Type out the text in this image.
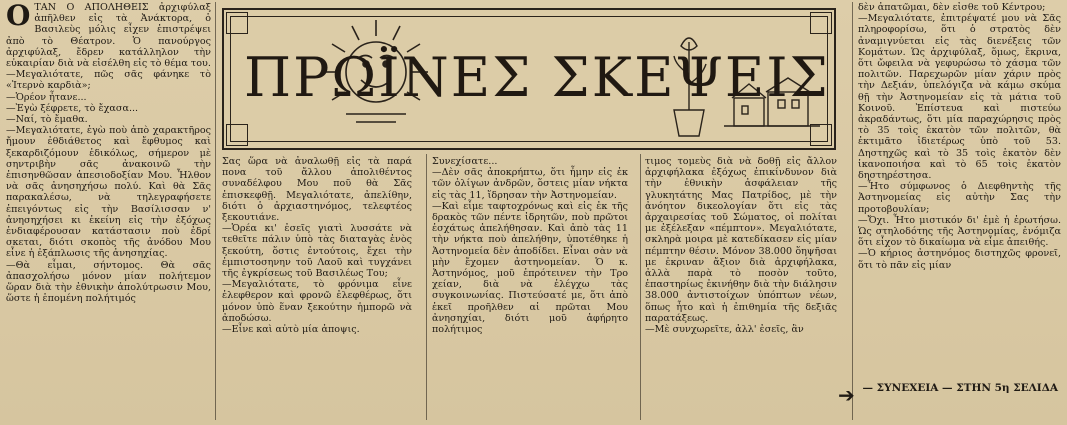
ΟΤΑΝ Ο ΑΠΟΛΗΘΕΙΣ ἀρχιφύλαξ ἀπῆλθεν εἰς τὰ Ἀνάκτορα, ὁ Βασιλεὺς μόλις εἶχεν ἐπιστρέψει ἀπὸ τὸ Θέατρον. Ὁ πανούργος ἀρχιφύλαξ, ἔδρεν κατάλληλον τὴν εὐκαιρίαν διὰ νὰ εἰσέλθη εἰς τὸ θέμα του.

—Μεγαλιότατε, πῶς σᾶς φάνηκε τὸ «Ἰτερνὸ καρδιὰ»;

—Ὁρέον ἦτανε...

—Ἐγὼ ξέφρετε, τὸ ἔχασα...

—Ναί, τὸ ἔμαθα.

—Μεγαλιότατε, ἐγὼ ποὺ ἀπὸ χαρακτῆρος ἤμουν ἐθδιάθετος καὶ ἔφθυμος καὶ ξεκαρδιζόμουν ἐδικόλως, σήμερον μὲ σηντριβὴν σᾶς ἀνακοινῶ τὴν ἐπισηνθῶσαν ἀπεσιοδοξίαν Μου. Ἦλθον νὰ σᾶς ἀνησηχήσω πολύ. Καὶ θὰ Σᾶς παρακαλέσω, νὰ τηλεγραφήσετε ἐπειγόντως εἰς τὴν Βασίλισσαν ν' ἀνησηχήσει κι ἐκείνη εἰς τὴν ἐξόχως ἐνδιαφέρουσαν κατάστασιν ποὺ ἐδρί σκεται, διότι σκοπὸς τῆς ἀνόδου Μου εἶνε ἡ ἐξάπλωσις τῆς ἀνησηχίας.

—Θὰ εἶμαι, σήντομος. Θὰ σᾶς ἀπασχολήσω μόνον μίαν πολήτεμον ὥραν διὰ τὴν ἐθνικὴν ἀπολύτρωσιν Μου, ὥστε ἡ ἑπομένη πολήτιμός

ΠΡΩΪΝΕΣ ΣΚΕΨΕΙΣ

Σας ὥρα νὰ ἀναλωθῇ εἰς τὰ παρά πονα τοῦ ἄλλου ἀπολιθέντος συναδέλφου Μου ποῦ θὰ Σᾶς ἐπισκεφθῇ. Μεγαλιότατε, ἀπελίθην, διότι ὁ ἀρχιαστηνόμος, τελεφτέος ξεκουτιάνε.

—Ὁρέα κι' ἐσεῖς γιατὶ λυσσάτε νὰ τεθεῖτε πάλιν ὑπὸ τὰς διαταγὰς ἑνὸς ξεκούτη, ὅστις ἐντούτοις, ἔχει τὴν ἐμπιστοσηνην τοῦ Λαοῦ καὶ τυγχάνει τῆς ἐγκρίσεως τοῦ Βασιλέως Του;

—Μεγαλιότατε, τὸ φρόνιμα εἶνε ἐλεφθερον καὶ φρονῶ ἐλεφθέρως, ὅτι μόνον ὑπὸ ἕναν ξεκούτην ἡμπορῶ νὰ ἀποδώσω.

—Εἶνε καὶ αὐτὸ μία ἀποψις.

Συνεχίσατε...

—Δὲν σᾶς ἀποκρήπτω, ὅτι ἦμην εἰς ἐκ τῶν ὀλίγων ἀνδρῶν, ὅστεις μίαν νήκτα εἰς τὰς 11, ἵδρησαν τὴν Ἀστηνομείαν.

—Καὶ εἶμε ταφτοχρόνως καὶ εἰς ἐκ τῆς δρακὸς τῶν πέντε ἱδρητῶν, ποὺ πρῶτοι ἐσχάτως ἀπελήθησαν. Καὶ ἀπὸ τὰς 11 τὴν νήκτα ποὺ ἀπελήθην, ὑποτέθηκε ἡ Ἀστηνομεία δὲν ἀποδίδει. Εἶναι σὰν νὰ μὴν ἔχομεν ἀστηνομείαν. Ὁ κ. Ἀστηνόμος, μοῦ ἐπρότεινεν τὴν Τρο χείαν, διὰ νὰ ἐλέγχω τὰς συγκοινωνίας. Πιστεύσατέ με, ὅτι ἀπὸ ἐκεῖ προῆλθεν αἱ πρῶται Μου ἀνησηχίαι, διότι μοῦ ἀφήρητο πολήτιμος

τιμος τομεὺς διὰ νὰ δοθῇ εἰς ἄλλον ἀρχιφήλακα ἐξόχως ἐπικίνδυνον διὰ τὴν ἐθνικὴν ἀσφάλειαν τῆς γλυκητάτης Μας Πατρίδος, μὲ τὴν ἀνόητον δικεολογίαν ὅτι εἰς τὰς ἀρχαιρεσίας τοῦ Σώματος, οἱ πολίται με ἐξέλεξαν «πέμπτον». Μεγαλιότατε, σκληρὰ μοιρα μὲ κατεδίκασεν εἰς μίαν πέμπτην θέσιν. Μόνον 38.000 ὅηψῆσαι με ἐκριναν ἄξιον διὰ ἀρχιφήλακα, ἀλλὰ παρὰ τὸ ποσὸν τοῦτο, ἐπαστηρίως ἐκινήθην διὰ τὴν διάλησιν 38.000 ἀντιστοίχων ὑπόπτων νέων, ὅπως ἦτο καὶ ἡ ἐπιθημία τῆς δεξιᾶς παρατάξεως.

—Μὲ συνχωρεῖτε, ἀλλ' ἐσεῖς, ἂν

δὲν ἀπατῶμαι, δὲν εἶσθε τοῦ Κέντρου;

—Μεγαλιότατε, ἐπιτρέψατέ μου νὰ Σᾶς πληροφορίσω, ὅτι ὁ στρατὸς δὲν ἀναμιγνύεται εἰς τὰς διενέξεις τῶν Κομάτων. Ὡς ἀρχιφύλαξ, ὅμως, ἔκρινα, ὅτι ὤφειλα νὰ γεφυρώσω τὸ χάσμα τῶν πολιτῶν. Παρεχωρῶν μίαν χάριν πρὸς τὴν Δεξιάν, ὑπελόγιζα νὰ κάμω σκύμα θῇ τὴν Ἀστηνομείαν εἰς τὰ μάτια τοῦ Κοινοῦ. Ἐπίστευα καὶ πιστεύω ἀκραδάντως, ὅτι μία παραχώρησις πρὸς τὸ 35 τοὶς ἑκατὸν τῶν πολιτῶν, θὰ ἐκτιμᾶτο ἰδιετέρως ὑπὸ τοῦ 53. Δηστηχῶς καὶ τὸ 35 τοὶς ἑκατὸν δὲν ἱκανοποιήσα καὶ τὸ 65 τοὶς ἑκατὸν δηστηρέστησα.

—Ἦτο σύμφωνος ὁ Διεφθηντὴς τῆς Ἀστηνομείας εἰς αὐτὴν Σας τὴν προτοβουλίαν;

—Ὄχι. Ἦτο μιστικόν δι' ἐμὲ ἡ ἐρωτήσω. Ὡς στηλοδότης τῆς Ἀστηνομίας, ἐνόμιζα ὅτι εἶχον τὸ δικαίωμα νὰ εἶμε ἀπειθής.

—Ὁ κήριος ἀστηνόμος διστηχῶς φρονεῖ, ὅτι τὸ πᾶν εἰς μίαν

➔ — ΣΥΝΕΧΕΙΑ — ΣΤΗΝ 5η ΣΕΛΙΔΑ
